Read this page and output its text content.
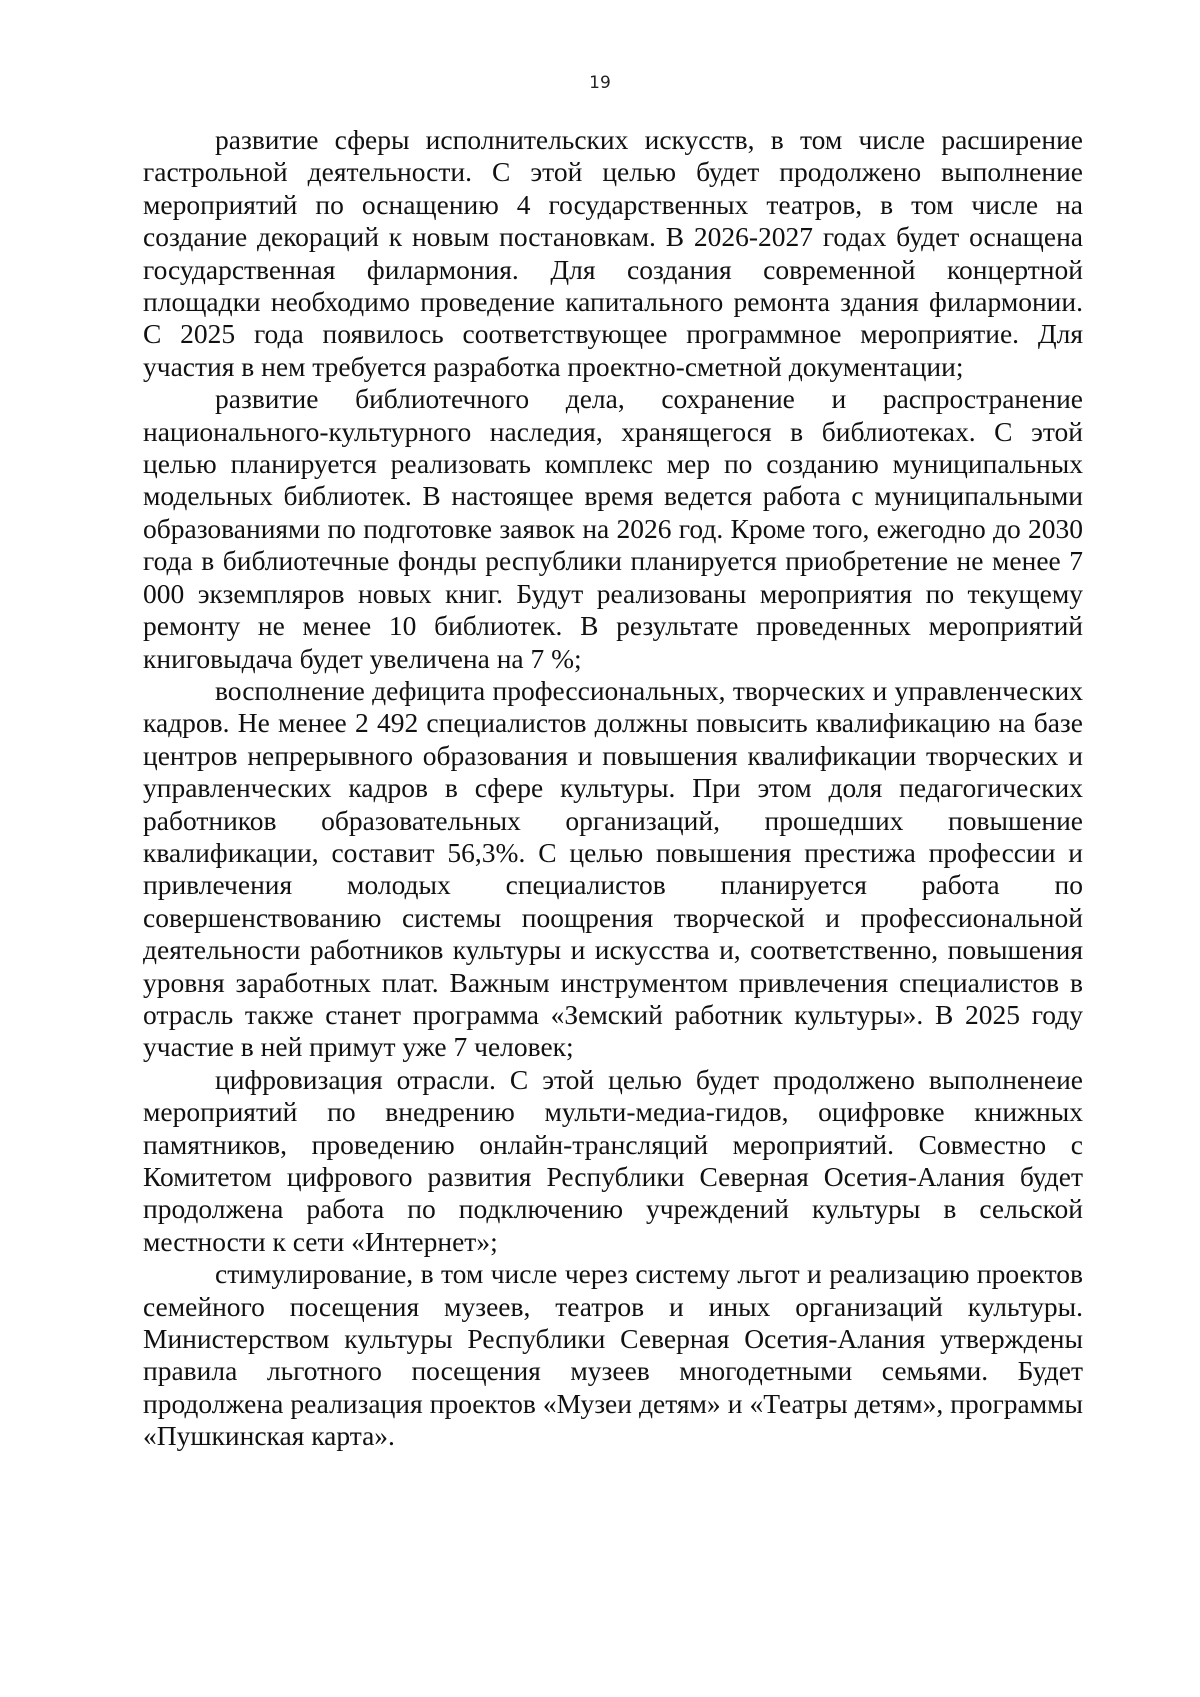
19

развитие сферы исполнительских искусств, в том числе расширение гастрольной деятельности. С этой целью будет продолжено выполнение мероприятий по оснащению 4 государственных театров, в том числе на создание декораций к новым постановкам. В 2026-2027 годах будет оснащена государственная филармония. Для создания современной концертной площадки необходимо проведение капитального ремонта здания филармонии. С 2025 года появилось соответствующее программное мероприятие. Для участия в нем требуется разработка проектно-сметной документации;

развитие библиотечного дела, сохранение и распространение национального-культурного наследия, хранящегося в библиотеках. С этой целью планируется реализовать комплекс мер по созданию муниципальных модельных библиотек. В настоящее время ведется работа с муниципальными образованиями по подготовке заявок на 2026 год. Кроме того, ежегодно до 2030 года в библиотечные фонды республики планируется приобретение не менее 7 000 экземпляров новых книг. Будут реализованы мероприятия по текущему ремонту не менее 10 библиотек. В результате проведенных мероприятий книговыдача будет увеличена на 7 %;

восполнение дефицита профессиональных, творческих и управленческих кадров. Не менее 2 492 специалистов должны повысить квалификацию на базе центров непрерывного образования и повышения квалификации творческих и управленческих кадров в сфере культуры. При этом доля педагогических работников образовательных организаций, прошедших повышение квалификации, составит 56,3%. С целью повышения престижа профессии и привлечения молодых специалистов планируется работа по совершенствованию системы поощрения творческой и профессиональной деятельности работников культуры и искусства и, соответственно, повышения уровня заработных плат. Важным инструментом привлечения специалистов в отрасль также станет программа «Земский работник культуры». В 2025 году участие в ней примут уже 7 человек;

цифровизация отрасли. С этой целью будет продолжено выполненеие мероприятий по внедрению мульти-медиа-гидов, оцифровке книжных памятников, проведению онлайн-трансляций мероприятий. Совместно с Комитетом цифрового развития Республики Северная Осетия-Алания будет продолжена работа по подключению учреждений культуры в сельской местности к сети «Интернет»;

стимулирование, в том числе через систему льгот и реализацию проектов семейного посещения музеев, театров и иных организаций культуры. Министерством культуры Республики Северная Осетия-Алания утверждены правила льготного посещения музеев многодетными семьями. Будет продолжена реализация проектов «Музеи детям» и «Театры детям», программы «Пушкинская карта».
